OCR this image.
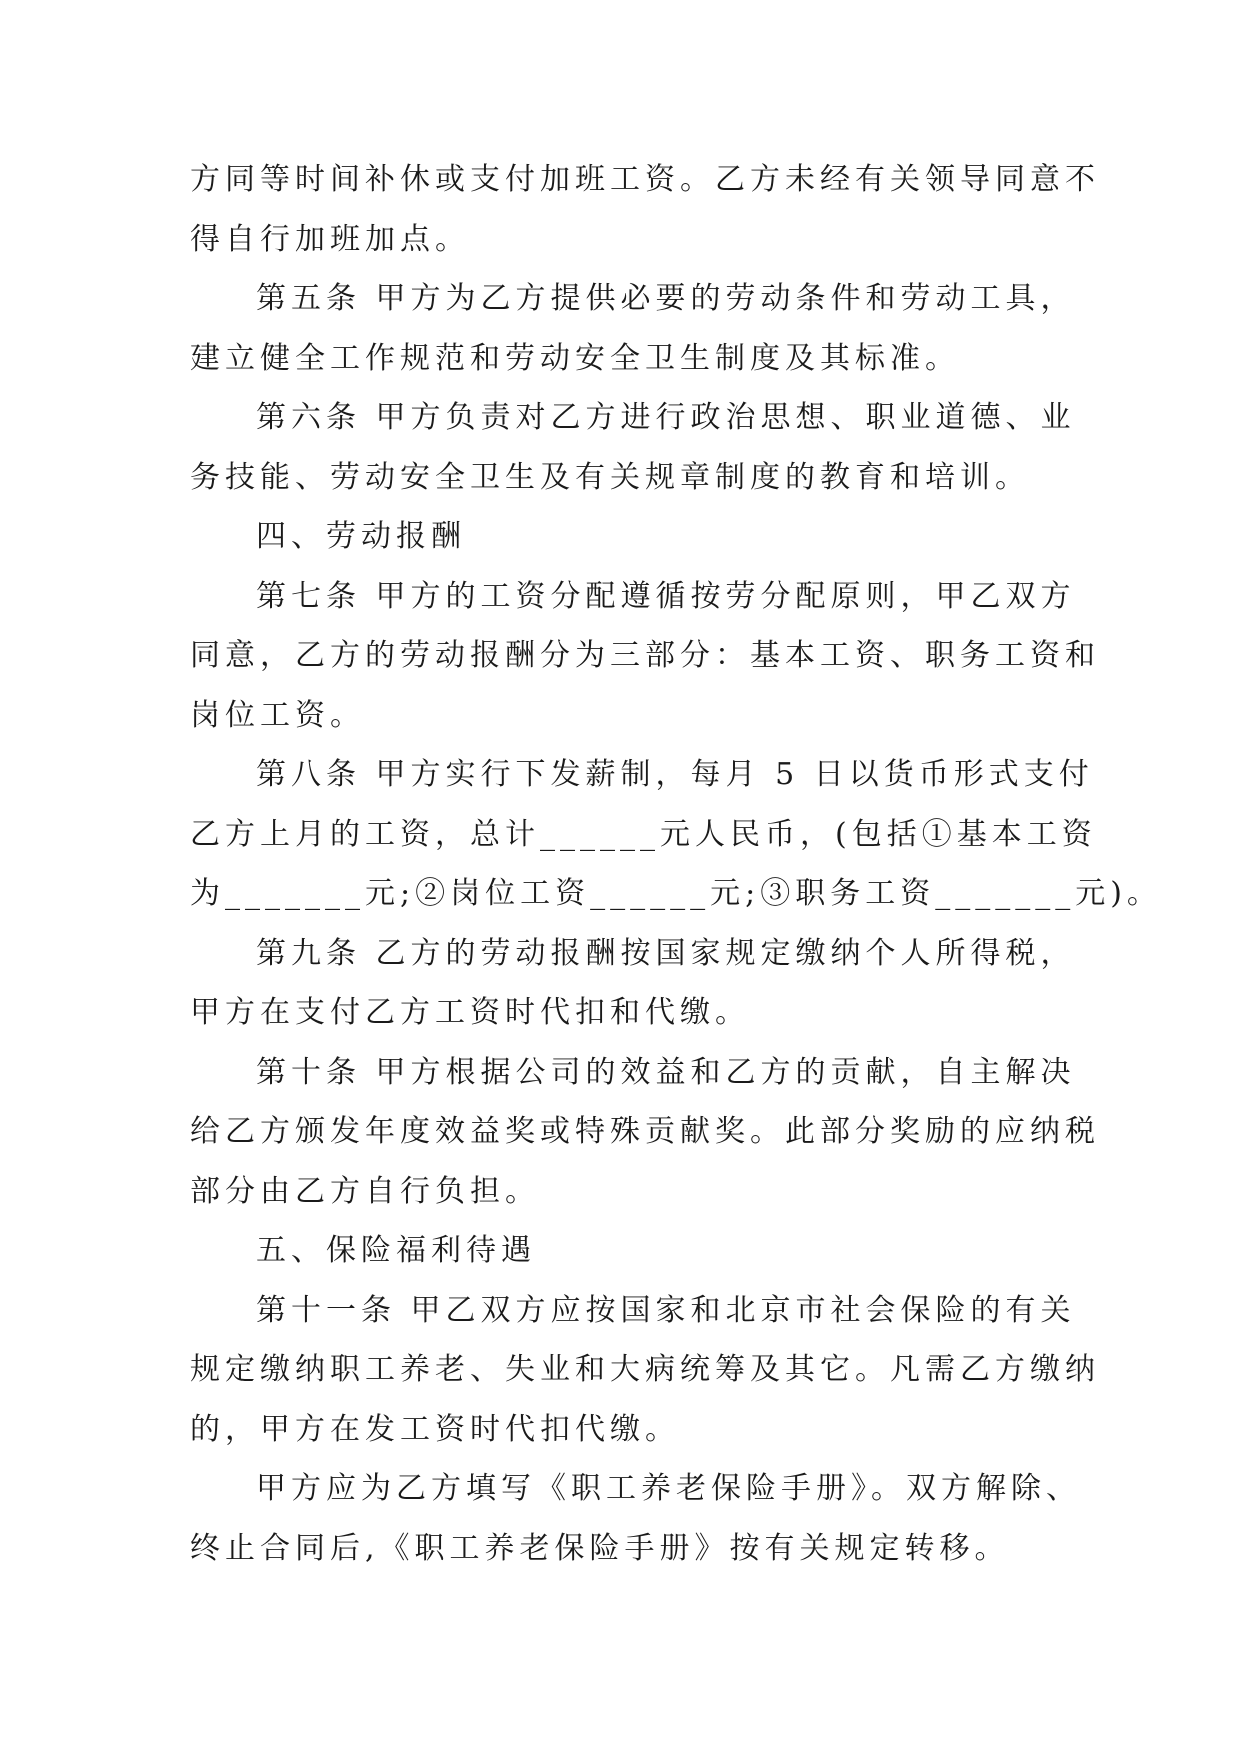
方同等时间补休或支付加班工资。乙方未经有关领导同意不
得自行加班加点。
第五条 甲方为乙方提供必要的劳动条件和劳动工具，
建立健全工作规范和劳动安全卫生制度及其标准。
第六条 甲方负责对乙方进行政治思想、职业道德、业
务技能、劳动安全卫生及有关规章制度的教育和培训。
四、劳动报酬
第七条 甲方的工资分配遵循按劳分配原则，甲乙双方
同意，乙方的劳动报酬分为三部分：基本工资、职务工资和
岗位工资。
第八条 甲方实行下发薪制，每月 5 日以货币形式支付
乙方上月的工资，总计______元人民币，(包括①基本工资
为_______元;②岗位工资______元;③职务工资_______元)。
第九条 乙方的劳动报酬按国家规定缴纳个人所得税，
甲方在支付乙方工资时代扣和代缴。
第十条 甲方根据公司的效益和乙方的贡献，自主解决
给乙方颁发年度效益奖或特殊贡献奖。此部分奖励的应纳税
部分由乙方自行负担。
五、保险福利待遇
第十一条 甲乙双方应按国家和北京市社会保险的有关
规定缴纳职工养老、失业和大病统筹及其它。凡需乙方缴纳
的，甲方在发工资时代扣代缴。
甲方应为乙方填写《职工养老保险手册》。双方解除、
终止合同后,《职工养老保险手册》按有关规定转移。
